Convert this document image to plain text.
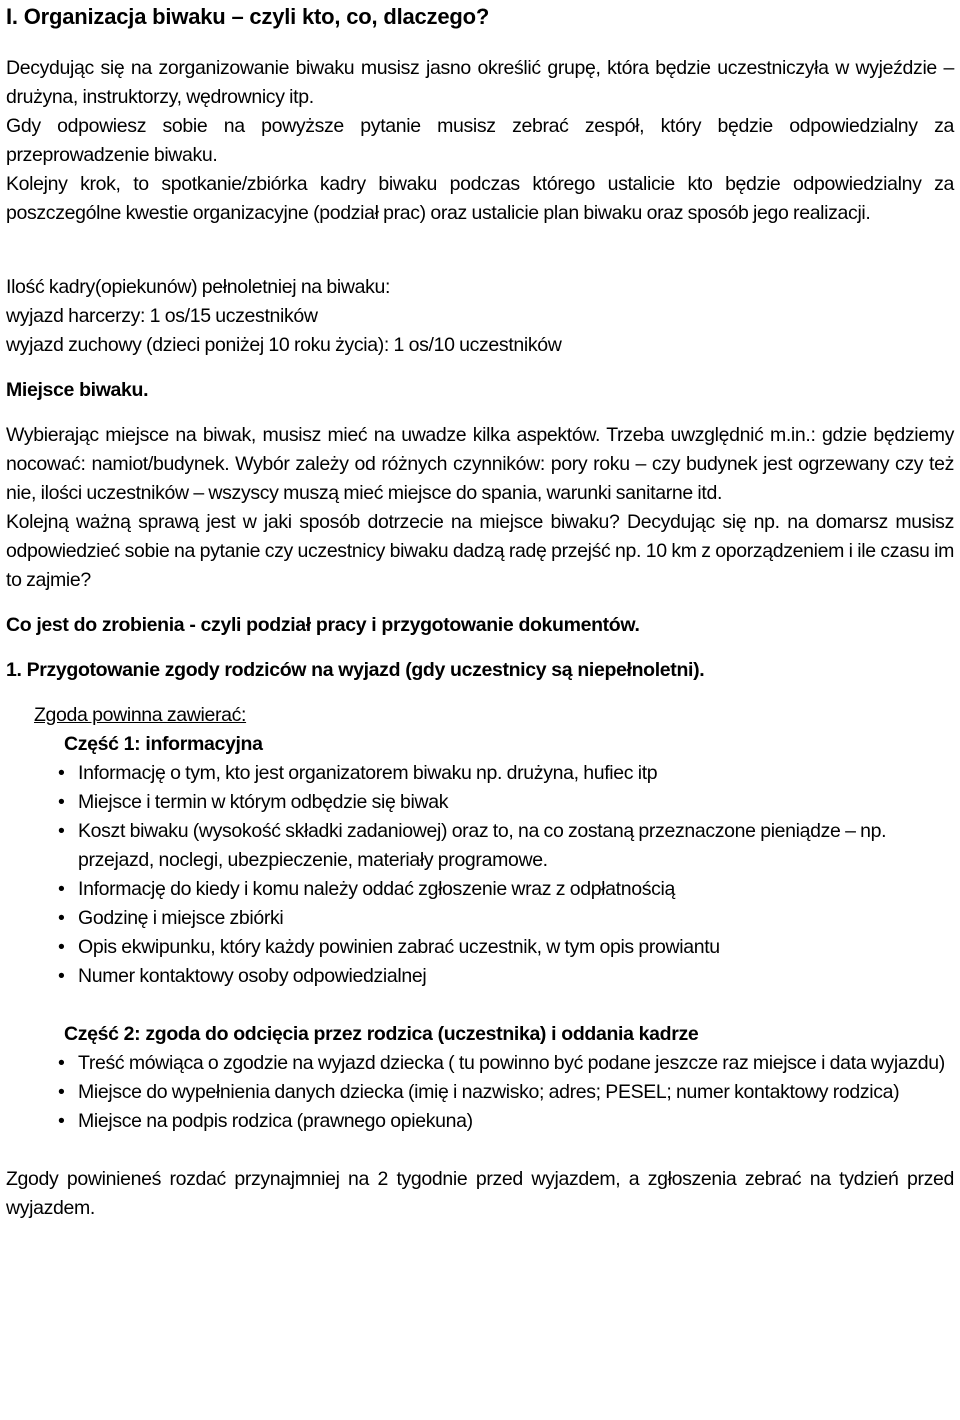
I. Organizacja biwaku – czyli kto, co, dlaczego?

Decydując się na zorganizowanie biwaku musisz jasno określić grupę, która będzie uczestniczyła w wyjeździe – drużyna, instruktorzy, wędrownicy itp.

Gdy odpowiesz sobie na powyższe pytanie musisz zebrać zespół, który będzie odpowiedzialny za przeprowadzenie biwaku.

Kolejny krok, to spotkanie/zbiórka kadry biwaku podczas którego ustalicie kto będzie odpowiedzialny za poszczególne kwestie organizacyjne (podział prac) oraz ustalicie plan biwaku oraz sposób jego realizacji.

Ilość kadry(opiekunów) pełnoletniej na biwaku:

wyjazd harcerzy: 1 os/15 uczestników
wyjazd zuchowy (dzieci poniżej 10 roku życia): 1 os/10 uczestników

Miejsce biwaku.

Wybierając miejsce na biwak, musisz mieć na uwadze kilka aspektów. Trzeba uwzględnić m.in.: gdzie będziemy nocować: namiot/budynek. Wybór zależy od różnych czynników: pory roku – czy budynek jest ogrzewany czy też nie, ilości uczestników – wszyscy muszą mieć miejsce do spania, warunki sanitarne itd.

Kolejną ważną sprawą jest w jaki sposób dotrzecie na miejsce biwaku? Decydując się np. na domarsz musisz odpowiedzieć sobie na pytanie czy uczestnicy biwaku dadzą radę przejść np. 10 km z oporządzeniem i ile czasu im to zajmie?

Co jest do zrobienia - czyli podział pracy i przygotowanie dokumentów.

1. Przygotowanie zgody rodziców na wyjazd (gdy uczestnicy są niepełnoletni).

Zgoda powinna zawierać:

Część 1: informacyjna

• Informację o tym, kto jest organizatorem biwaku np. drużyna, hufiec itp
• Miejsce i termin w którym odbędzie się biwak
• Koszt biwaku (wysokość składki zadaniowej) oraz to, na co zostaną przeznaczone pieniądze – np. przejazd, noclegi, ubezpieczenie, materiały programowe.
• Informację do kiedy i komu należy oddać zgłoszenie wraz z odpłatnością
• Godzinę i miejsce zbiórki
• Opis ekwipunku, który każdy powinien zabrać uczestnik, w tym opis prowiantu
• Numer kontaktowy osoby odpowiedzialnej

Część 2: zgoda do odcięcia przez rodzica (uczestnika) i oddania kadrze

• Treść mówiąca o zgodzie na wyjazd dziecka ( tu powinno być podane jeszcze raz miejsce i data wyjazdu)
• Miejsce do wypełnienia danych dziecka (imię i nazwisko; adres; PESEL; numer kontaktowy rodzica)
• Miejsce na podpis rodzica (prawnego opiekuna)

Zgody powinieneś rozdać przynajmniej na 2 tygodnie przed wyjazdem, a zgłoszenia zebrać na tydzień przed wyjazdem.
